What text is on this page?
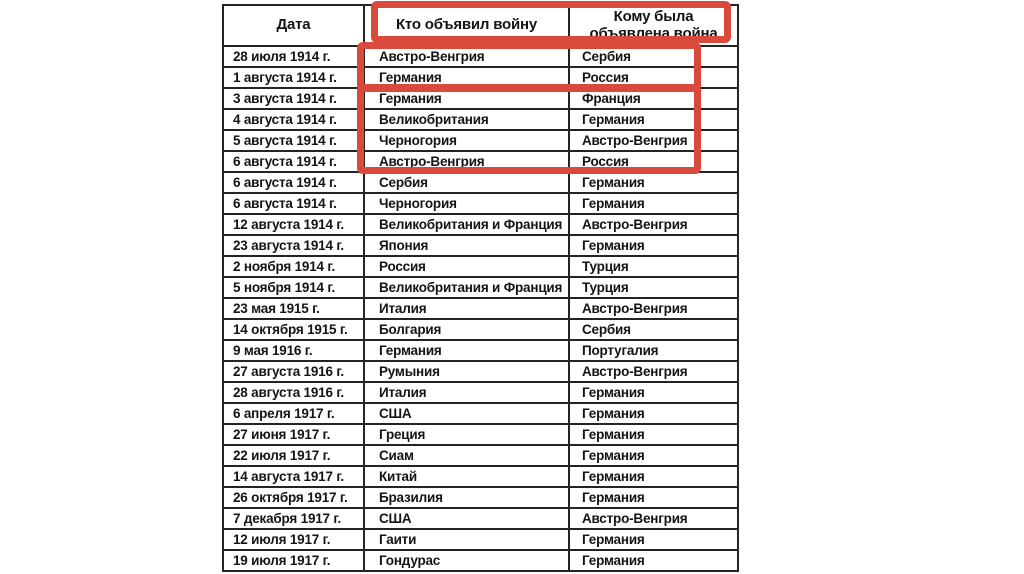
Дата	Кто объявил войну	Кому была объявлена война
28 июля 1914 г.	Австро-Венгрия	Сербия
1 августа 1914 г.	Германия	Россия
3 августа 1914 г.	Германия	Франция
4 августа 1914 г.	Великобритания	Германия
5 августа 1914 г.	Черногория	Австро-Венгрия
6 августа 1914 г.	Австро-Венгрия	Россия
6 августа 1914 г.	Сербия	Германия
6 августа 1914 г.	Черногория	Германия
12 августа 1914 г.	Великобритания и Франция	Австро-Венгрия
23 августа 1914 г.	Япония	Германия
2 ноября 1914 г.	Россия	Турция
5 ноября 1914 г.	Великобритания и Франция	Турция
23 мая 1915 г.	Италия	Австро-Венгрия
14 октября 1915 г.	Болгария	Сербия
9 мая 1916 г.	Германия	Португалия
27 августа 1916 г.	Румыния	Австро-Венгрия
28 августа 1916 г.	Италия	Германия
6 апреля 1917 г.	США	Германия
27 июня 1917 г.	Греция	Германия
22 июля 1917 г.	Сиам	Германия
14 августа 1917 г.	Китай	Германия
26 октября 1917 г.	Бразилия	Германия
7 декабря 1917 г.	США	Австро-Венгрия
12 июля 1917 г.	Гаити	Германия
19 июля 1917 г.	Гондурас	Германия
